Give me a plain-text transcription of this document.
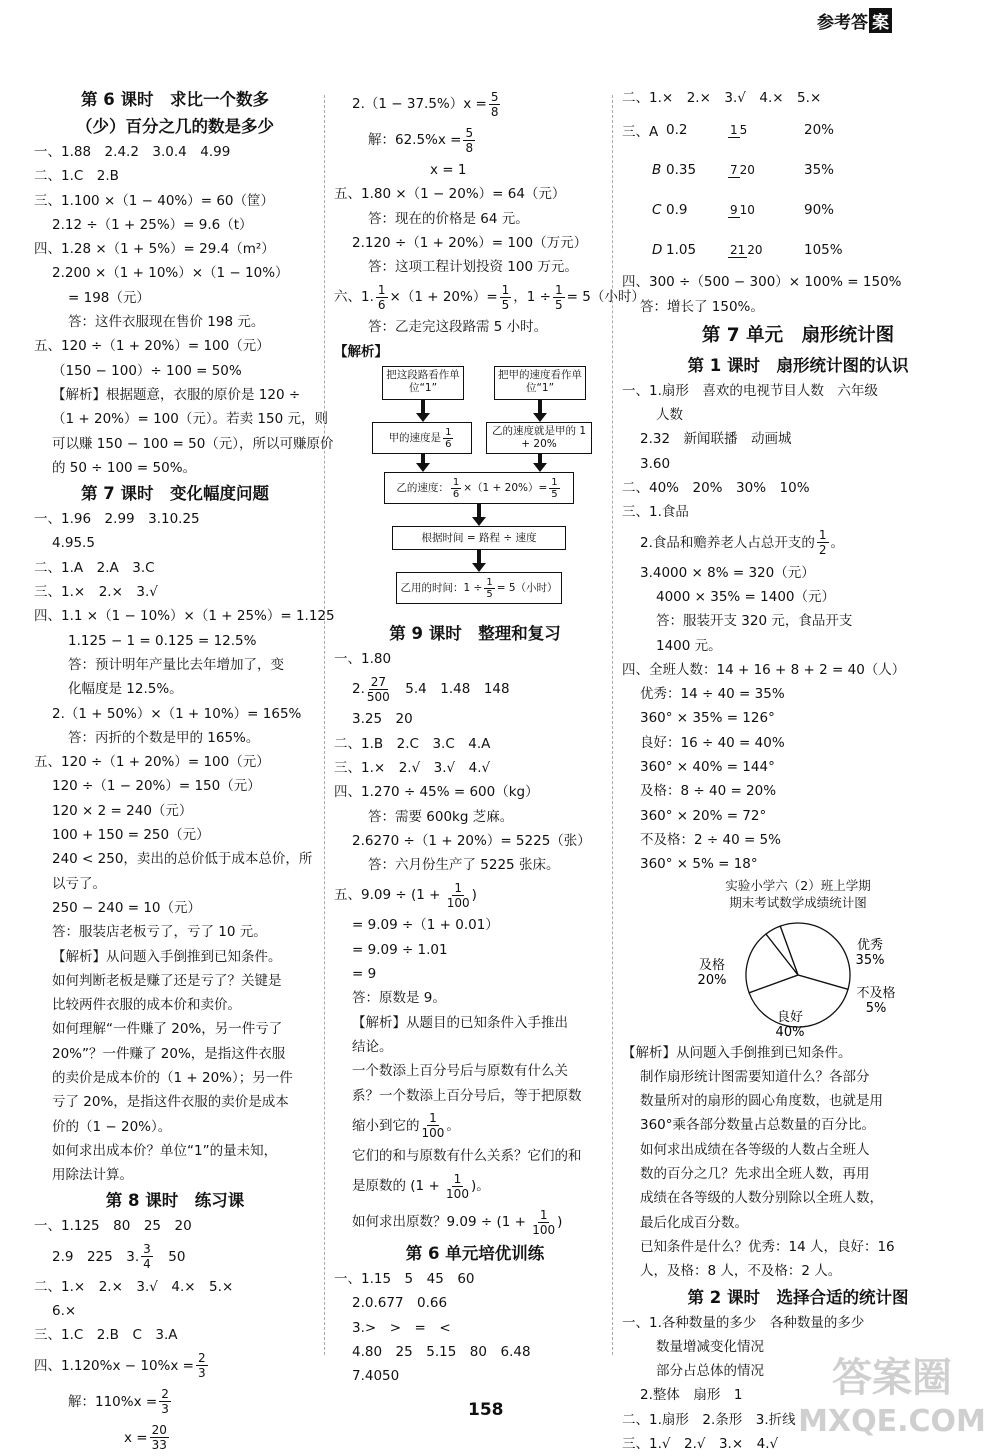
参考答 案
第 6 课时　求比一个数多
（少）百分之几的数是多少
一、1.88　2.4.2　3.0.4　4.99
二、1.C　2.B
三、1.100 ×（1 − 40%）= 60（筐）
2.12 ÷（1 + 25%）= 9.6（t）
四、1.28 ×（1 + 5%）= 29.4（m²）
2.200 ×（1 + 10%）×（1 − 10%）
= 198（元）
答：这件衣服现在售价 198 元。
五、120 ÷（1 + 20%）= 100（元）
（150 − 100）÷ 100 = 50%
【解析】根据题意，衣服的原价是 120 ÷
（1 + 20%）= 100（元）。若卖 150 元，则
可以赚 150 − 100 = 50（元），所以可赚原价
的 50 ÷ 100 = 50%。
第 7 课时　变化幅度问题
一、1.96　2.99　3.10.25
4.95.5
二、1.A　2.A　3.C
三、1.×　2.×　3.√
四、1.1 ×（1 − 10%）×（1 + 25%）= 1.125
1.125 − 1 = 0.125 = 12.5%
答：预计明年产量比去年增加了，变
化幅度是 12.5%。
2.（1 + 50%）×（1 + 10%）= 165%
答：丙折的个数是甲的 165%。
五、120 ÷（1 + 20%）= 100（元）
120 ÷（1 − 20%）= 150（元）
120 × 2 = 240（元）
100 + 150 = 250（元）
240 < 250，卖出的总价低于成本总价，所
以亏了。
250 − 240 = 10（元）
答：服装店老板亏了，亏了 10 元。
【解析】从问题入手倒推到已知条件。
如何判断老板是赚了还是亏了？关键是
比较两件衣服的成本价和卖价。
如何理解“一件赚了 20%，另一件亏了
20%”？一件赚了 20%，是指这件衣服
的卖价是成本价的（1 + 20%）；另一件
亏了 20%，是指这件衣服的卖价是成本
价的（1 − 20%）。
如何求出成本价？单位“1”的量未知，
用除法计算。
第 8 课时　练习课
一、1.125　80　25　20
2.9　225　3. $\frac{3}{4}$
　 50
二、1.×　2.×　3.√　4.×　5.×
6.×
三、1.C　2.B　C　3.A
四、$1.120\%x - 10\%x = \frac{2}{3}$
解：$110\%x = \frac{2}{3}$
$x = \frac{20}{33}$
$2.(1 - 37.5\%)x = \frac{5}{8}$
解：$62.5\%x = \frac{5}{8}$
x = 1
五、1.80 ×（1 − 20%）= 64（元）
答：现在的价格是 64 元。
2.120 ÷（1 + 20%）= 100（万元）
答：这项工程计划投资 100 万元。
六、1. $\frac{1}{6} \times(1 + 20\%)= \frac{1}{5}$ ，$1 \div \frac{1}{5} = 5$（小时）
答：乙走完这段路需 5 小时。
【解析】
把这段路看作单位“1”
把甲的速度看作单位“1”
甲的速度是 $\frac{1}{6}$	乙的速度就是甲的 1 + 20%
乙的速度： $\frac{1}{6} \times(1 + 20\%)= \frac{1}{5}$
根据时间 = 路程 ÷ 速度
乙用的时间：$1 \div \frac{1}{5} = 5$（小时）
第 9 课时　整理和复习
一、1.80
2. $\frac{27}{500}$
　 5.4　1.48　148
3.25　20
二、1.B　2.C　3.C　4.A
三、1.×　2.√　3.√　4.√
四、1.270 ÷ 45% = 600（kg）
答：需要 600kg 芝麻。
2.6270 ÷（1 + 20%）= 5225（张）
答：六月份生产了 5225 张床。
五、$9.09 \div (1 + \frac{1}{100}$ )
= 9.09 ÷（1 + 0.01）
= 9.09 ÷ 1.01
= 9
答：原数是 9。
【解析】从题目的已知条件入手推出
结论。
一个数添上百分号后与原数有什么关
系？一个数添上百分号后，等于把原数
缩小到它的 $\frac{1}{100}$ 。
它们的和与原数有什么关系？它们的和
是原数的 ($1 + \frac{1}{100}$ )。
如何求出原数？$9.09 \div (1 + \frac{1}{100}$ )
第 6 单元培优训练
一、1.15　5　45　60
2.0.677　0.66
3.>　>　=　<
4.80　25　5.15　80　6.48
7.4050
二、1.×　2.×　3.√　4.×　5.×
三、A 0.2	1 5	20%
B 0.35	7 20	35%
C 0.9	9 10	90%
D 1.05	21 20	105%
四、300 ÷（500 − 300）× 100% = 150%
答：增长了 150%。
第 7 单元　扇形统计图
第 1 课时　扇形统计图的认识
一、1.扇形　喜欢的电视节目人数　六年级
人数
2.32　新闻联播　动画城
3.60
二、40%　20%　30%　10%
三、1.食品
2.食品和赡养老人占总开支的 $\frac{1}{2}$ 。
3.4000 × 8% = 320（元）
4000 × 35% = 1400（元）
答：服装开支 320 元，食品开支
1400 元。
四、全班人数：14 + 16 + 8 + 2 = 40（人）
优秀：14 ÷ 40 = 35%
360° × 35% = 126°
良好：16 ÷ 40 = 40%
360° × 40% = 144°
及格：8 ÷ 40 = 20%
360° × 20% = 72°
不及格：2 ÷ 40 = 5%
360° × 5% = 18°
实验小学六（2）班上学期
期末考试数学成绩统计图
优秀
35%
良好
40%
及格
20%
不及格
5%
【解析】从问题入手倒推到已知条件。
制作扇形统计图需要知道什么？各部分
数量所对的扇形的圆心角度数，也就是用
360°乘各部分数量占总数量的百分比。
如何求出成绩在各等级的人数占全班人
数的百分之几？先求出全班人数，再用
成绩在各等级的人数分别除以全班人数，
最后化成百分数。
已知条件是什么？优秀：14 人，良好：16
人，及格：8 人，不及格：2 人。
第 2 课时　选择合适的统计图
一、1.各种数量的多少　各种数量的多少
数量增减变化情况
部分占总体的情况
2.整体　扇形　1
二、1.扇形　2.条形　3.折线
三、1.√　2.√　3.×　4.√
158
答案圈
MXQE.COM
